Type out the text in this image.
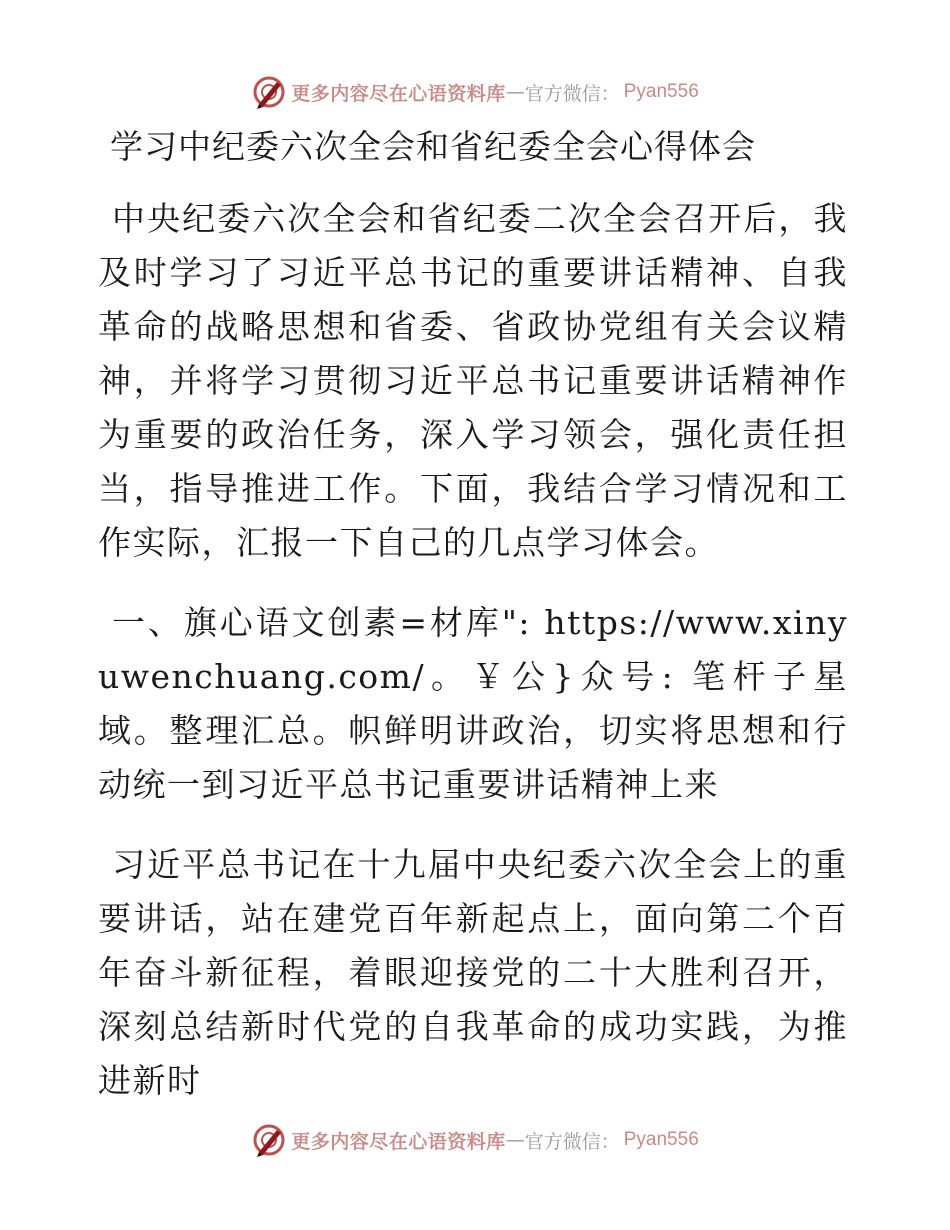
更多内容尽在心语资料库 — 官方微信： Pyan556
学习中纪委六次全会和省纪委全会心得体会

中央纪委六次全会和省纪委二次全会召开后，我及时学习了习近平总书记的重要讲话精神、自我革命的战略思想和省委、省政协党组有关会议精神，并将学习贯彻习近平总书记重要讲话精神作为重要的政治任务，深入学习领会，强化责任担当，指导推进工作。下面，我结合学习情况和工作实际，汇报一下自己的几点学习体会。

一、旗心语文创素=材库": https://www.xinyuwenchuang.com/。￥公}众号: 笔杆子星域。整理汇总。帜鲜明讲政治，切实将思想和行动统一到习近平总书记重要讲话精神上来

习近平总书记在十九届中央纪委六次全会上的重要讲话，站在建党百年新起点上，面向第二个百年奋斗新征程，着眼迎接党的二十大胜利召开，深刻总结新时代党的自我革命的成功实践，为推进新时

更多内容尽在心语资料库 — 官方微信： Pyan556
